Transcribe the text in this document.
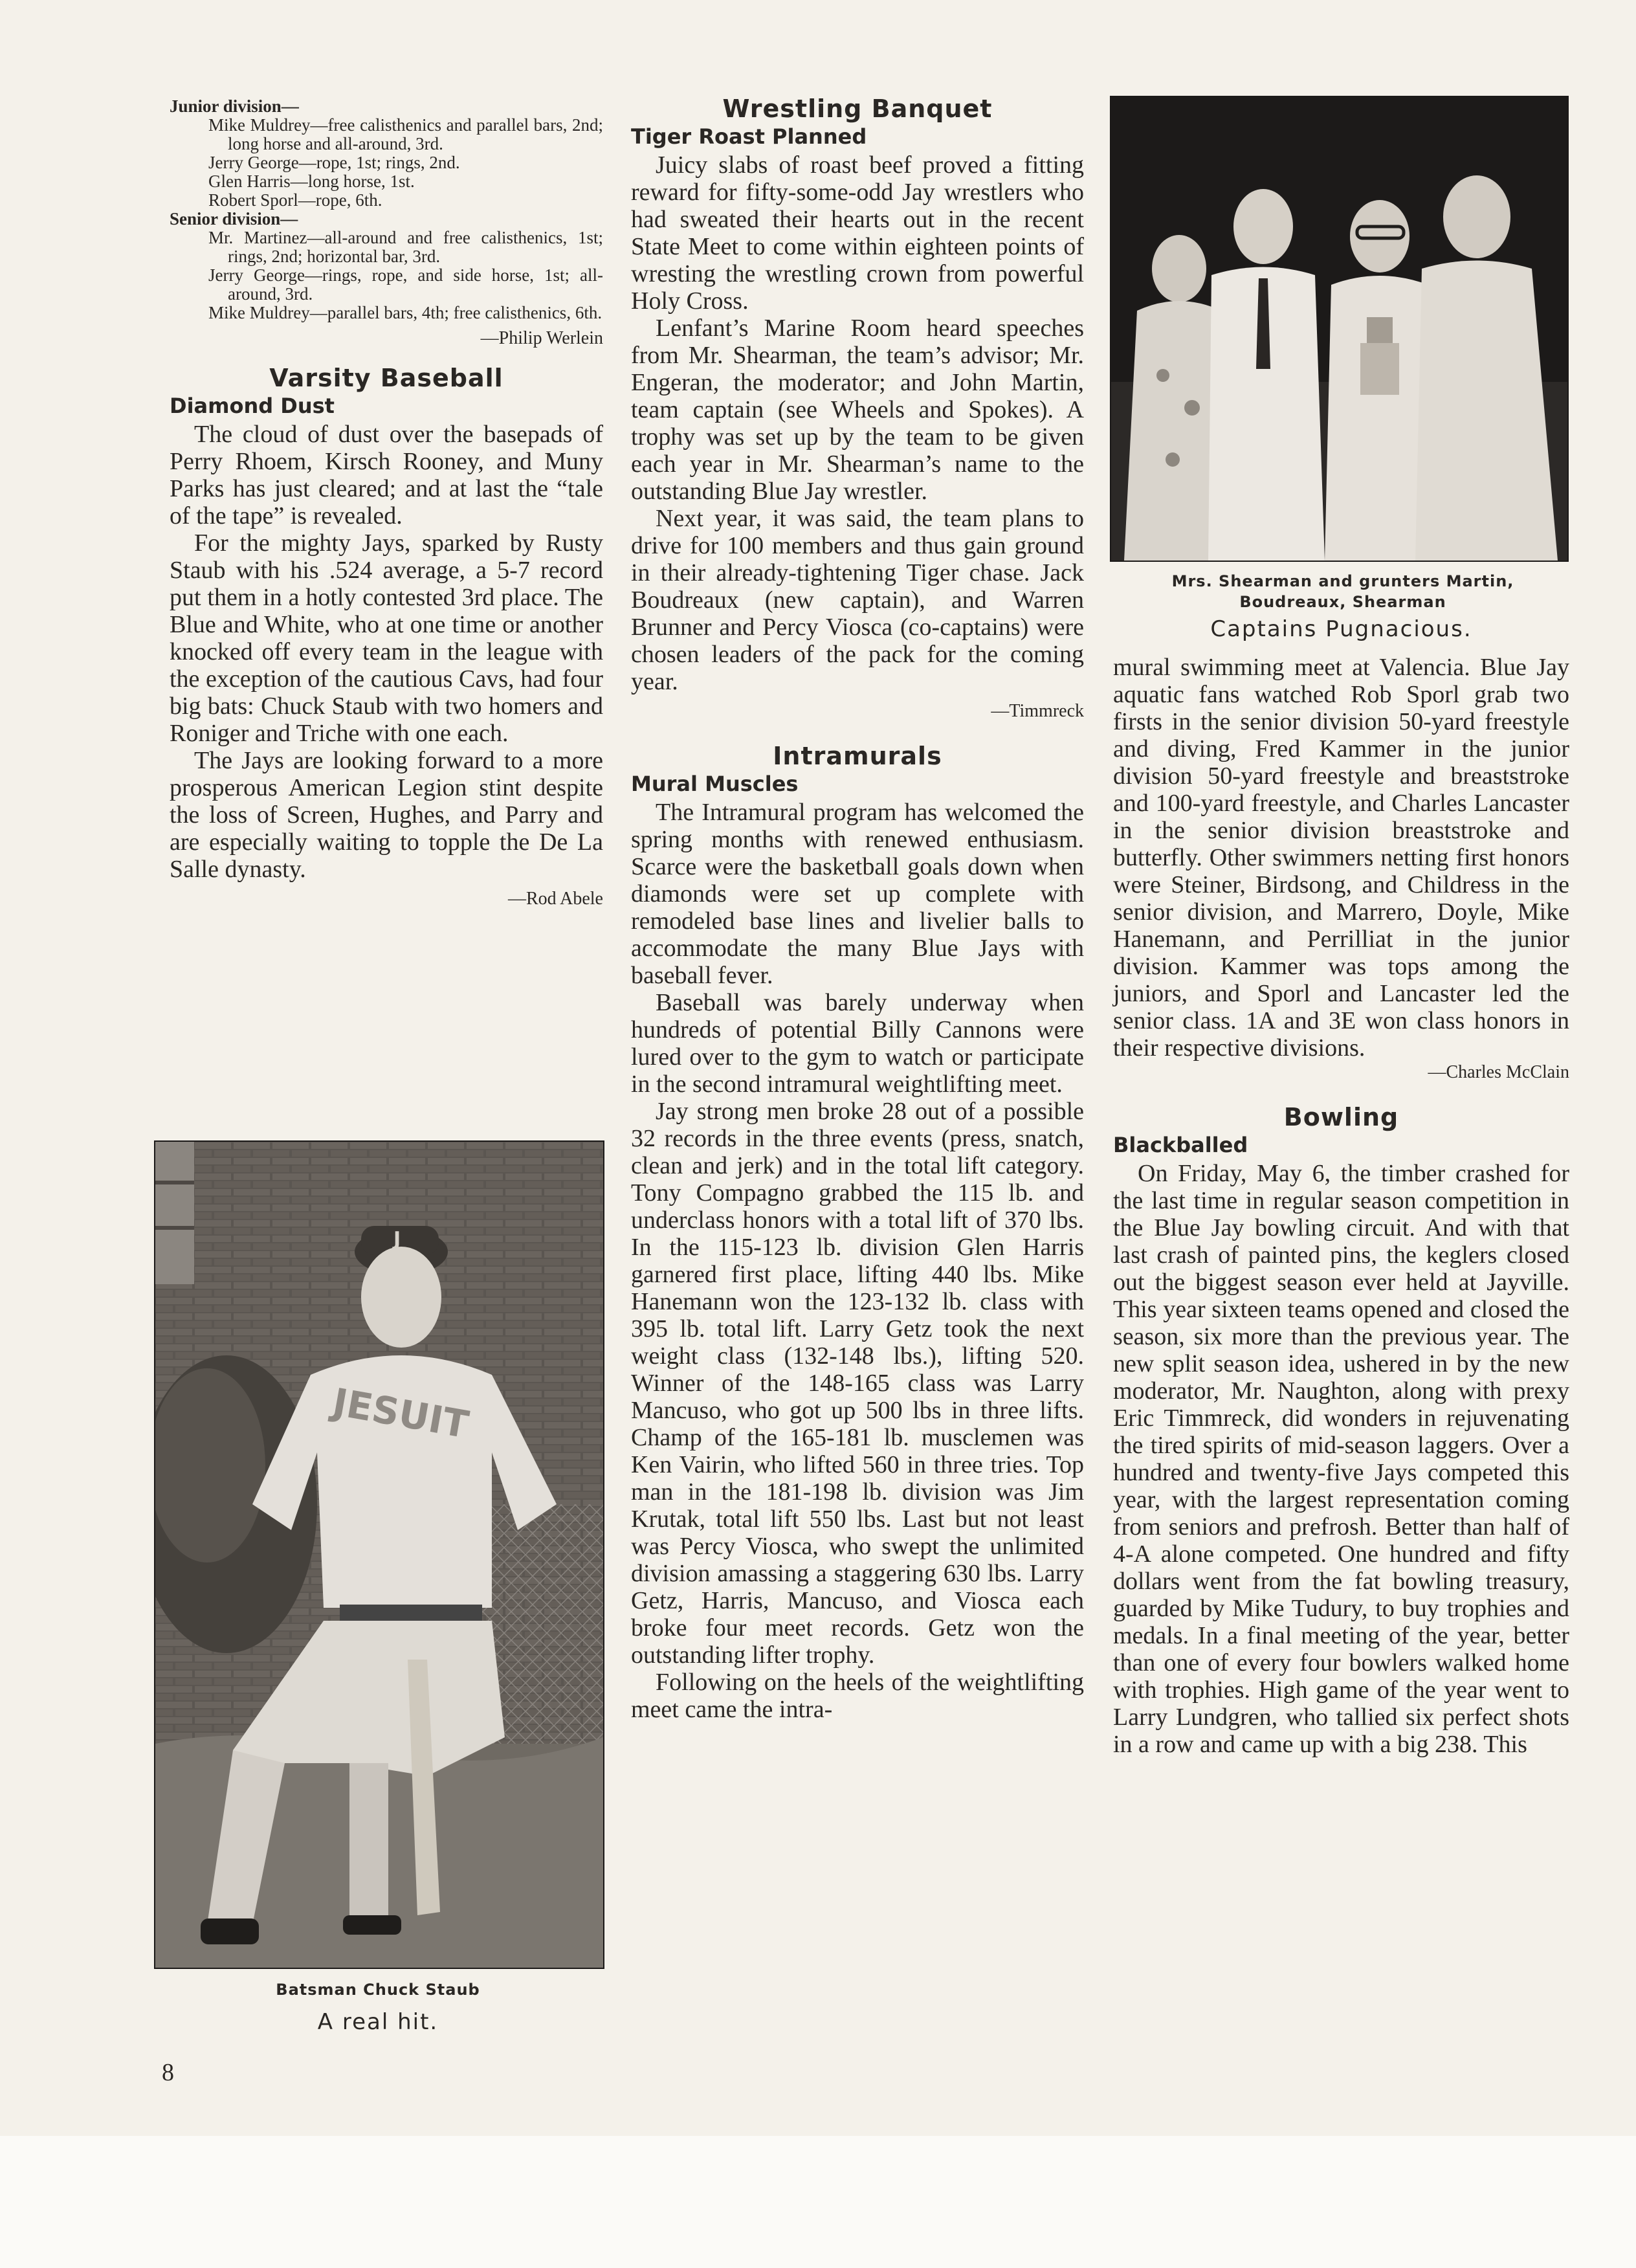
Junior division—
Mike Muldrey—free calisthenics and parallel bars, 2nd; long horse and all-around, 3rd.
Jerry George—rope, 1st; rings, 2nd.
Glen Harris—long horse, 1st.
Robert Sporl—rope, 6th.
Senior division—
Mr. Martinez—all-around and free calisthenics, 1st; rings, 2nd; horizontal bar, 3rd.
Jerry George—rings, rope, and side horse, 1st; all-around, 3rd.
Mike Muldrey—parallel bars, 4th; free calisthenics, 6th.
—Philip Werlein
Varsity Baseball
Diamond Dust

The cloud of dust over the basepads of Perry Rhoem, Kirsch Rooney, and Muny Parks has just cleared; and at last the “tale of the tape” is revealed.

For the mighty Jays, sparked by Rusty Staub with his .524 average, a 5-7 record put them in a hotly contested 3rd place. The Blue and White, who at one time or another knocked off every team in the league with the exception of the cautious Cavs, had four big bats: Chuck Staub with two homers and Roniger and Triche with one each.

The Jays are looking forward to a more prosperous American Legion stint despite the loss of Screen, Hughes, and Parry and are especially waiting to topple the De La Salle dynasty.

—Rod Abele
JESUIT
J
Batsman Chuck Staub
A real hit.
Wrestling Banquet
Tiger Roast Planned

Juicy slabs of roast beef proved a fitting reward for fifty-some-odd Jay wrestlers who had sweated their hearts out in the recent State Meet to come within eighteen points of wresting the wrestling crown from powerful Holy Cross.

Lenfant’s Marine Room heard speeches from Mr. Shearman, the team’s advisor; Mr. Engeran, the moderator; and John Martin, team captain (see Wheels and Spokes). A trophy was set up by the team to be given each year in Mr. Shearman’s name to the outstanding Blue Jay wrestler.

Next year, it was said, the team plans to drive for 100 members and thus gain ground in their already-tightening Tiger chase. Jack Boudreaux (new captain), and Warren Brunner and Percy Viosca (co-captains) were chosen leaders of the pack for the coming year.

—Timmreck
Intramurals
Mural Muscles

The Intramural program has welcomed the spring months with renewed enthusiasm. Scarce were the basketball goals down when diamonds were set up complete with remodeled base lines and livelier balls to accommodate the many Blue Jays with baseball fever.

Baseball was barely underway when hundreds of potential Billy Cannons were lured over to the gym to watch or participate in the second intramural weightlifting meet.

Jay strong men broke 28 out of a possible 32 records in the three events (press, snatch, clean and jerk) and in the total lift category. Tony Compagno grabbed the 115 lb. and underclass honors with a total lift of 370 lbs. In the 115-123 lb. division Glen Harris garnered first place, lifting 440 lbs. Mike Hanemann won the 123-132 lb. class with 395 lb. total lift. Larry Getz took the next weight class (132-148 lbs.), lifting 520. Winner of the 148-165 class was Larry Mancuso, who got up 500 lbs in three lifts. Champ of the 165-181 lb. musclemen was Ken Vairin, who lifted 560 in three tries. Top man in the 181-198 lb. division was Jim Krutak, total lift 550 lbs. Last but not least was Percy Viosca, who swept the unlimited division amassing a staggering 630 lbs. Larry Getz, Harris, Mancuso, and Viosca each broke four meet records. Getz won the outstanding lifter trophy.

Following on the heels of the weightlifting meet came the intra-

Mrs. Shearman and grunters Martin, Boudreaux, Shearman
Captains Pugnacious.

mural swimming meet at Valencia. Blue Jay aquatic fans watched Rob Sporl grab two firsts in the senior division 50-yard freestyle and diving, Fred Kammer in the junior division 50-yard freestyle and breaststroke and 100-yard freestyle, and Charles Lancaster in the senior division breaststroke and butterfly. Other swimmers netting first honors were Steiner, Birdsong, and Childress in the senior division, and Marrero, Doyle, Mike Hanemann, and Perrilliat in the junior division. Kammer was tops among the juniors, and Sporl and Lancaster led the senior class. 1A and 3E won class honors in their respective divisions.

—Charles McClain
Bowling
Blackballed

On Friday, May 6, the timber crashed for the last time in regular season competition in the Blue Jay bowling circuit. And with that last crash of painted pins, the keglers closed out the biggest season ever held at Jayville. This year sixteen teams opened and closed the season, six more than the previous year. The new split season idea, ushered in by the new moderator, Mr. Naughton, along with prexy Eric Timmreck, did wonders in rejuvenating the tired spirits of mid-season laggers. Over a hundred and twenty-five Jays competed this year, with the largest representation coming from seniors and prefrosh. Better than half of 4-A alone competed. One hundred and fifty dollars went from the fat bowling treasury, guarded by Mike Tudury, to buy trophies and medals. In a final meeting of the year, better than one of every four bowlers walked home with trophies. High game of the year went to Larry Lundgren, who tallied six perfect shots in a row and came up with a big 238. This

8
